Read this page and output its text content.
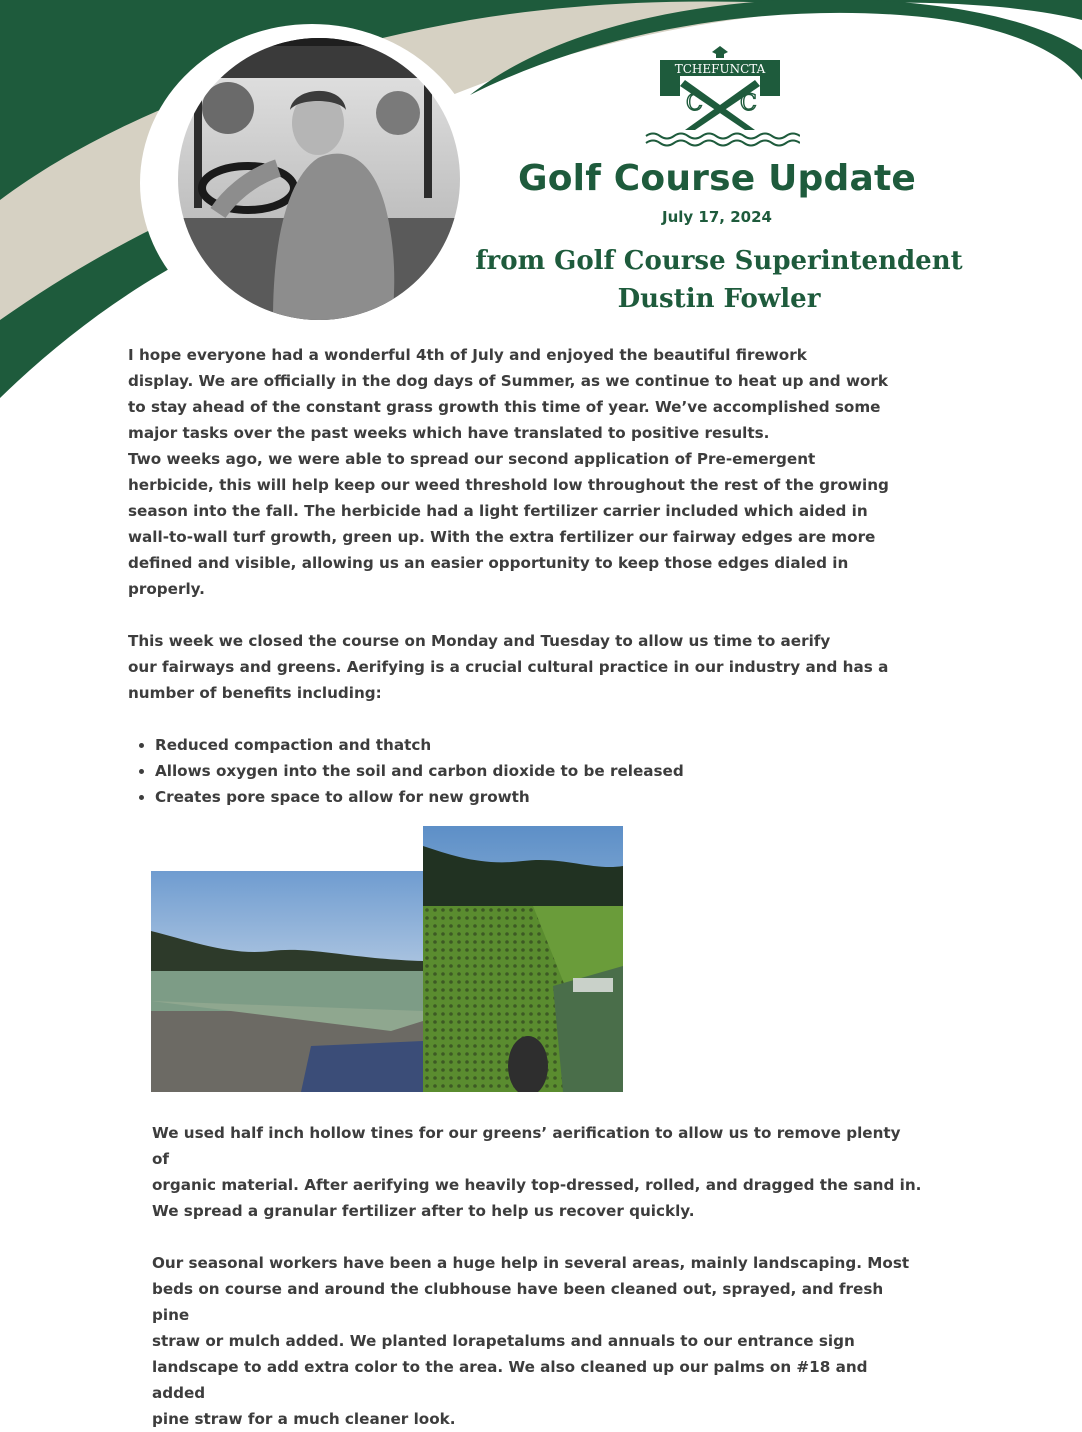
TCHEFUNCTA
C C
Golf Course Update
July 17, 2024
from Golf Course Superintendent
Dustin Fowler

I hope everyone had a wonderful 4th of July and enjoyed the beautiful firework
display. We are officially in the dog days of Summer, as we continue to heat up and work
to stay ahead of the constant grass growth this time of year. We’ve accomplished some
major tasks over the past weeks which have translated to positive results.

Two weeks ago, we were able to spread our second application of Pre-emergent
herbicide, this will help keep our weed threshold low throughout the rest of the growing
season into the fall. The herbicide had a light fertilizer carrier included which aided in
wall-to-wall turf growth, green up. With the extra fertilizer our fairway edges are more
defined and visible, allowing us an easier opportunity to keep those edges dialed in
properly.

This week we closed the course on Monday and Tuesday to allow us time to aerify
our fairways and greens. Aerifying is a crucial cultural practice in our industry and has a
number of benefits including:

• Reduced compaction and thatch
• Allows oxygen into the soil and carbon dioxide to be released
• Creates pore space to allow for new growth

We used half inch hollow tines for our greens’ aerification to allow us to remove plenty of
organic material. After aerifying we heavily top-dressed, rolled, and dragged the sand in.
We spread a granular fertilizer after to help us recover quickly.

Our seasonal workers have been a huge help in several areas, mainly landscaping. Most
beds on course and around the clubhouse have been cleaned out, sprayed, and fresh pine
straw or mulch added. We planted lorapetalums and annuals to our entrance sign
landscape to add extra color to the area. We also cleaned up our palms on #18 and added
pine straw for a much cleaner look.
